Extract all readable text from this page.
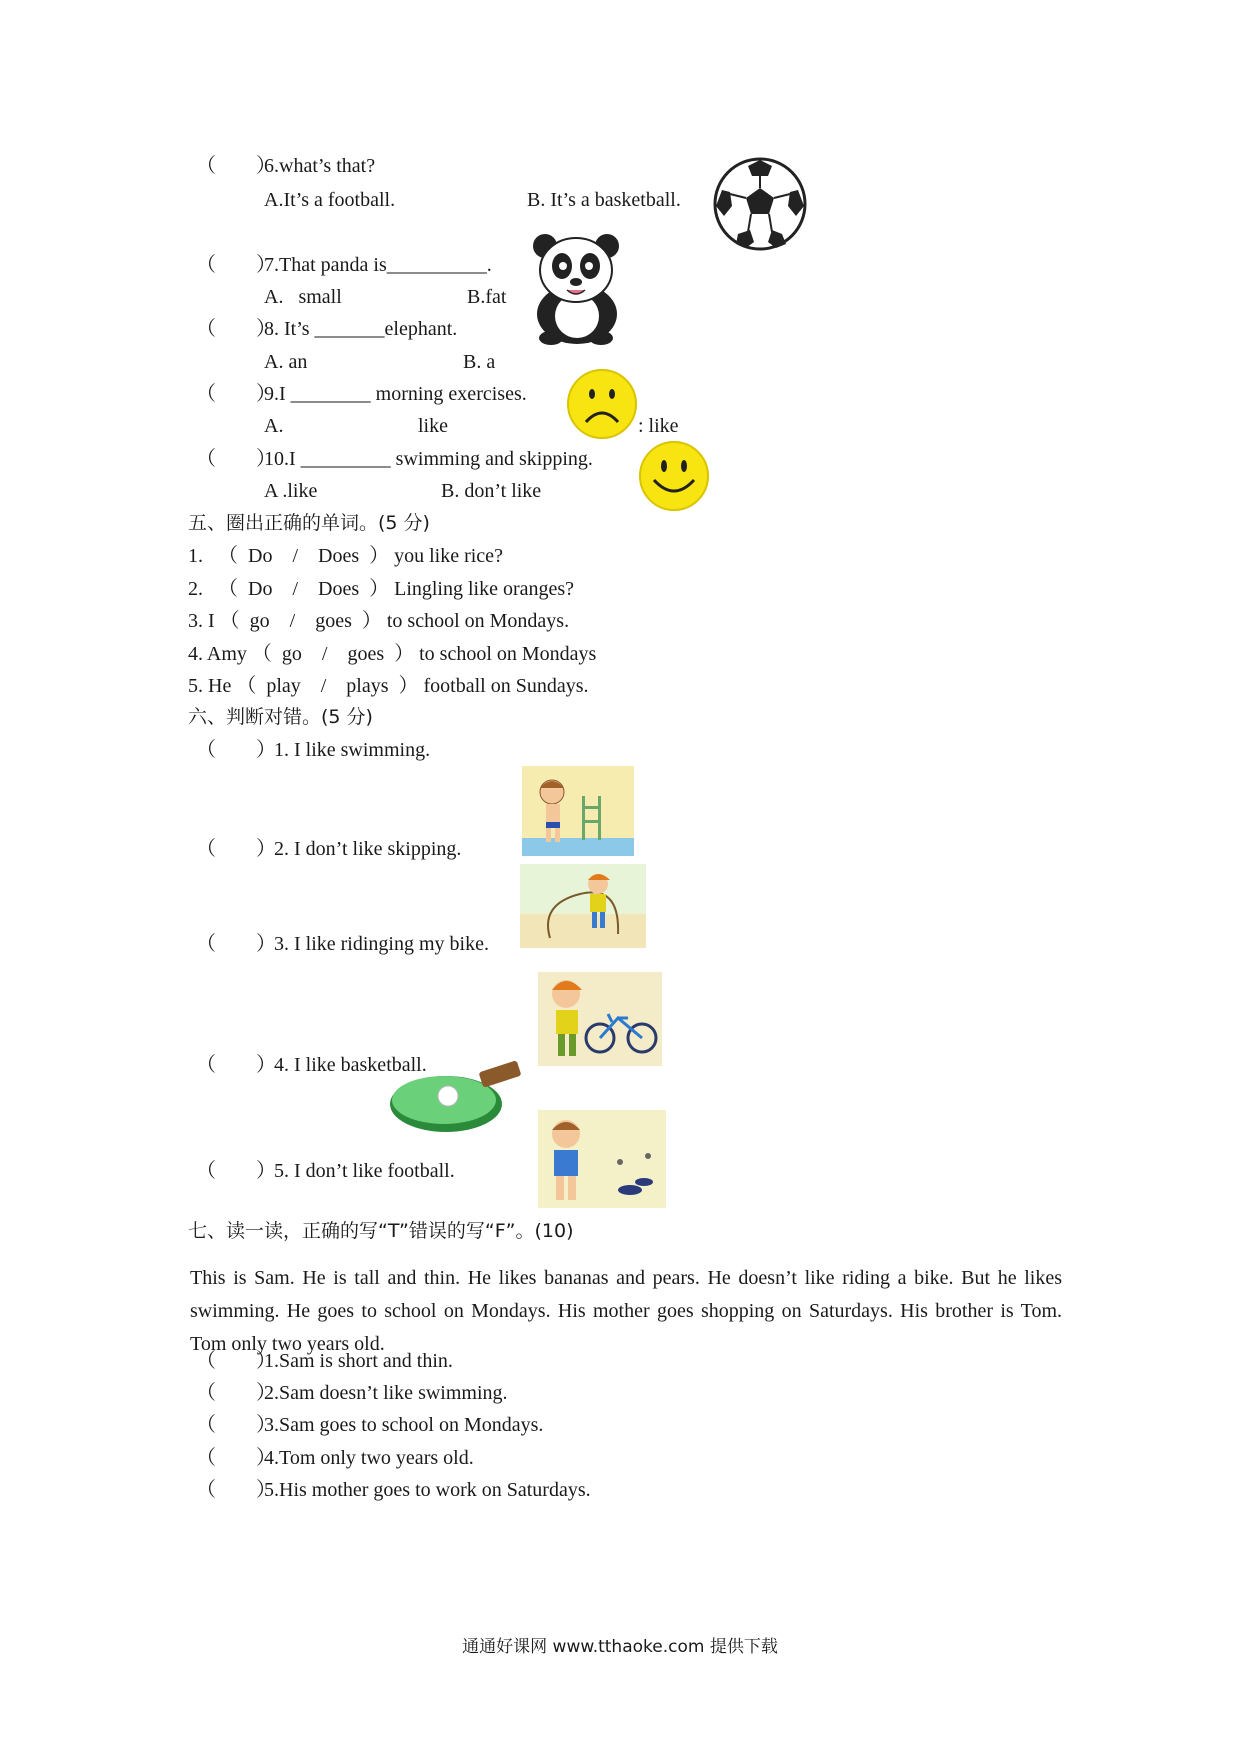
（　　）
6.what’s that?
A.It’s a football.	B. It’s a basketball.
（　　）
7.That panda is__________.
A.   small	B.fat
（　　）
8. It’s _______elephant.
A. an	B. a
（　　）
9.I ________ morning exercises.
A.	like	: like
（　　）
10.I _________ swimming and skipping.
A .like	B. don’t like
五、圈出正确的单词。(5 分)
1.   （  Do    /    Does  ） you like rice?
2.   （  Do    /    Does  ） Lingling like oranges?
3. I （  go    /    goes  ） to school on Mondays.
4. Amy （  go    /    goes  ） to school on Mondays
5. He （  play    /    plays  ） football on Sundays.
六、判断对错。(5 分)
（　　）
1. I like swimming.
（　　）
2. I don’t like skipping.
（　　）
3. I like ridinging my bike.
（　　）
4. I like basketball.
（　　）
5. I don’t like football.
七、读一读，正确的写“T”错误的写“F”。(10)
This is Sam. He is tall and thin. He likes bananas and pears. He doesn’t like riding a bike. But he likes swimming. He goes to school on Mondays. His mother goes shopping on Saturdays. His brother is Tom. Tom only two years old.
（　　）
1.Sam is short and thin.
（　　）
2.Sam doesn’t like swimming.
（　　）
3.Sam goes to school on Mondays.
（　　）
4.Tom only two years old.
（　　）
5.His mother goes to work on Saturdays.
通通好课网 www.tthaoke.com 提供下载
